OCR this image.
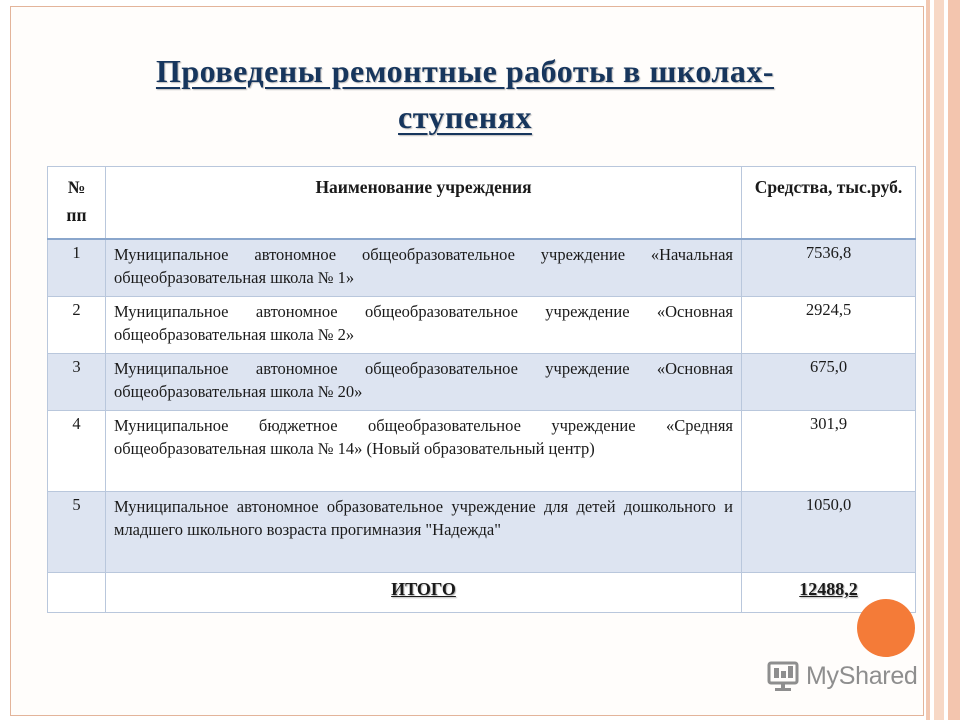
Проведены ремонтные работы в школах-
ступенях
№ пп	Наименование учреждения	Средства, тыс.руб.
1	Муниципальное автономное общеобразовательное учреждение «Начальная общеобразовательная школа № 1»	7536,8
2	Муниципальное автономное общеобразовательное учреждение «Основная общеобразовательная школа № 2»	2924,5
3	Муниципальное автономное общеобразовательное учреждение «Основная общеобразовательная школа № 20»	675,0
4	Муниципальное бюджетное общеобразовательное учреждение «Средняя общеобразовательная школа № 14» (Новый образовательный центр)	301,9
5	Муниципальное автономное образовательное учреждение для детей дошкольного и младшего школьного возраста прогимназия "Надежда"	1050,0
	ИТОГО	12488,2
MyShared
